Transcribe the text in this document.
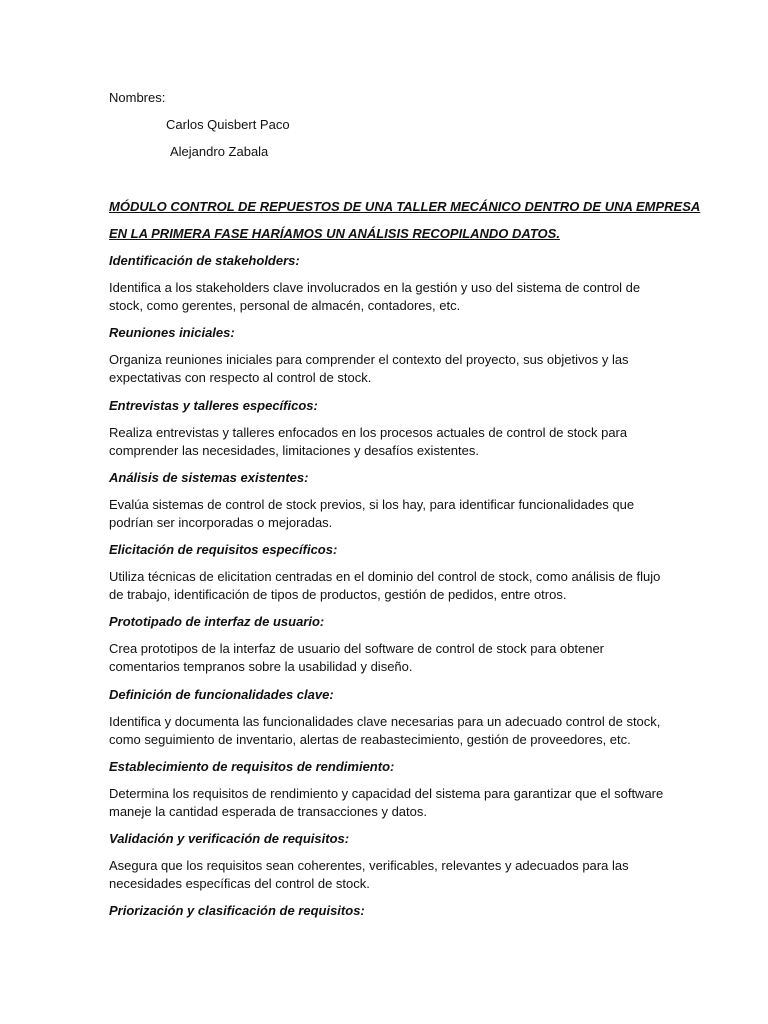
Nombres:
Carlos Quisbert Paco
Alejandro Zabala
MÓDULO CONTROL DE REPUESTOS DE UNA TALLER MECÁNICO DENTRO DE UNA EMPRESA
EN LA PRIMERA FASE HARÍAMOS UN ANÁLISIS RECOPILANDO DATOS.
Identificación de stakeholders:
Identifica a los stakeholders clave involucrados en la gestión y uso del sistema de control de stock, como gerentes, personal de almacén, contadores, etc.
Reuniones iniciales:
Organiza reuniones iniciales para comprender el contexto del proyecto, sus objetivos y las expectativas con respecto al control de stock.
Entrevistas y talleres específicos:
Realiza entrevistas y talleres enfocados en los procesos actuales de control de stock para comprender las necesidades, limitaciones y desafíos existentes.
Análisis de sistemas existentes:
Evalúa sistemas de control de stock previos, si los hay, para identificar funcionalidades que podrían ser incorporadas o mejoradas.
Elicitación de requisitos específicos:
Utiliza técnicas de elicitation centradas en el dominio del control de stock, como análisis de flujo de trabajo, identificación de tipos de productos, gestión de pedidos, entre otros.
Prototipado de interfaz de usuario:
Crea prototipos de la interfaz de usuario del software de control de stock para obtener comentarios tempranos sobre la usabilidad y diseño.
Definición de funcionalidades clave:
Identifica y documenta las funcionalidades clave necesarias para un adecuado control de stock, como seguimiento de inventario, alertas de reabastecimiento, gestión de proveedores, etc.
Establecimiento de requisitos de rendimiento:
Determina los requisitos de rendimiento y capacidad del sistema para garantizar que el software maneje la cantidad esperada de transacciones y datos.
Validación y verificación de requisitos:
Asegura que los requisitos sean coherentes, verificables, relevantes y adecuados para las necesidades específicas del control de stock.
Priorización y clasificación de requisitos:
